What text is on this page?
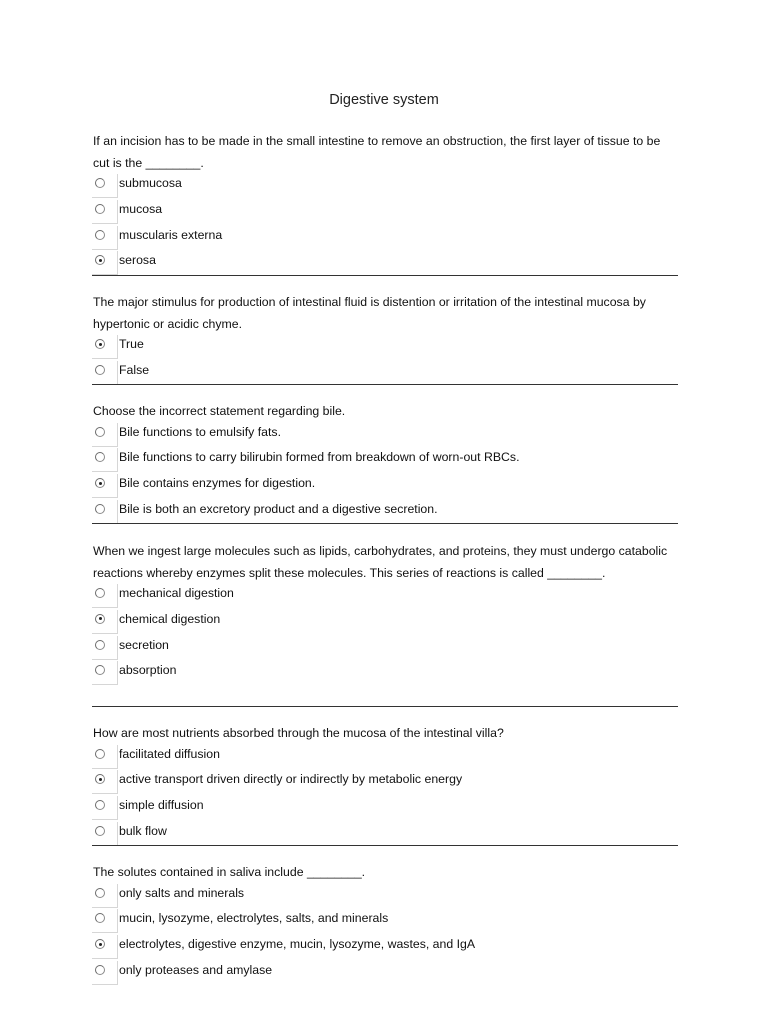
Digestive system

If an incision has to be made in the small intestine to remove an obstruction, the first layer of tissue to be cut is the ________.

submucosa
mucosa
muscularis externa
serosa

The major stimulus for production of intestinal fluid is distention or irritation of the intestinal mucosa by hypertonic or acidic chyme.

True
False

Choose the incorrect statement regarding bile.

Bile functions to emulsify fats.
Bile functions to carry bilirubin formed from breakdown of worn-out RBCs.
Bile contains enzymes for digestion.
Bile is both an excretory product and a digestive secretion.

When we ingest large molecules such as lipids, carbohydrates, and proteins, they must undergo catabolic reactions whereby enzymes split these molecules. This series of reactions is called ________.

mechanical digestion
chemical digestion
secretion
absorption

How are most nutrients absorbed through the mucosa of the intestinal villa?

facilitated diffusion
active transport driven directly or indirectly by metabolic energy
simple diffusion
bulk flow

The solutes contained in saliva include ________.

only salts and minerals
mucin, lysozyme, electrolytes, salts, and minerals
electrolytes, digestive enzyme, mucin, lysozyme, wastes, and IgA
only proteases and amylase
